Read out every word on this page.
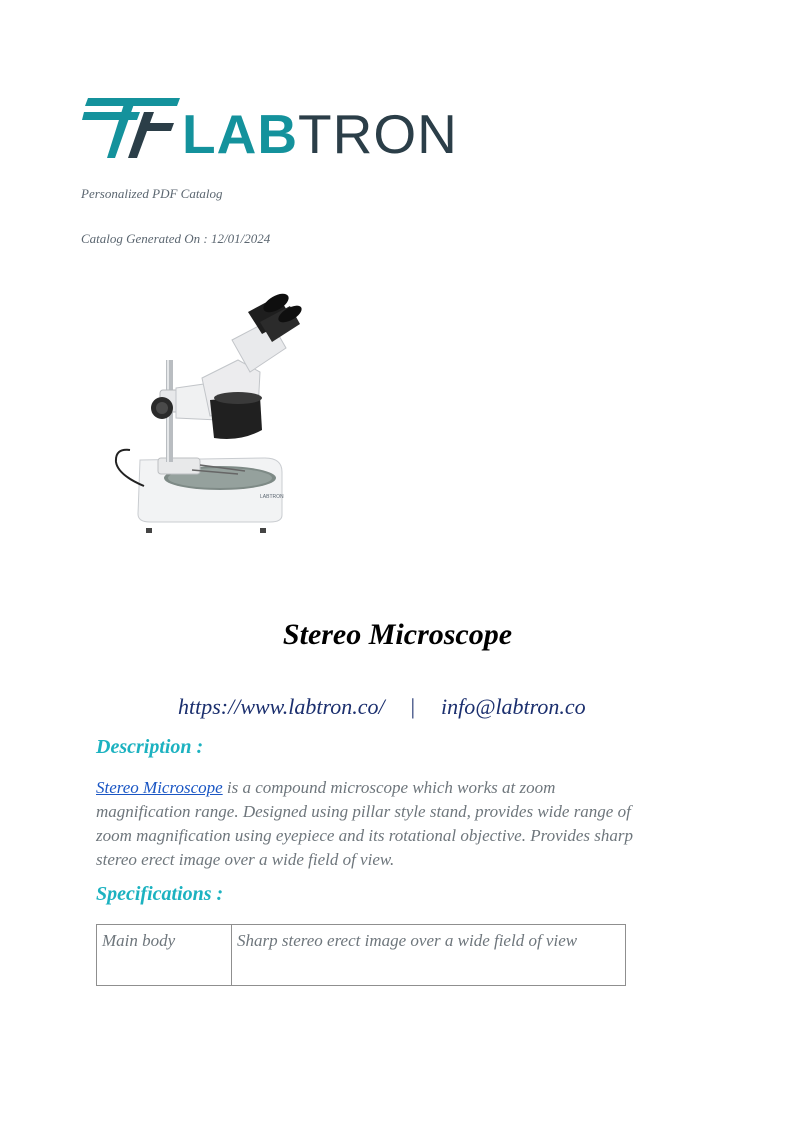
LABTRON
Personalized PDF Catalog
Catalog Generated On : 12/01/2024
LABTRON
Stereo Microscope
https://www.labtron.co/ | info@labtron.co
Description :
Stereo Microscope is a compound microscope which works at zoom magnification range. Designed using pillar style stand, provides wide range of zoom magnification using eyepiece and its rotational objective. Provides sharp stereo erect image over a wide field of view.
Specifications :
Main body	Sharp stereo erect image over a wide field of view
